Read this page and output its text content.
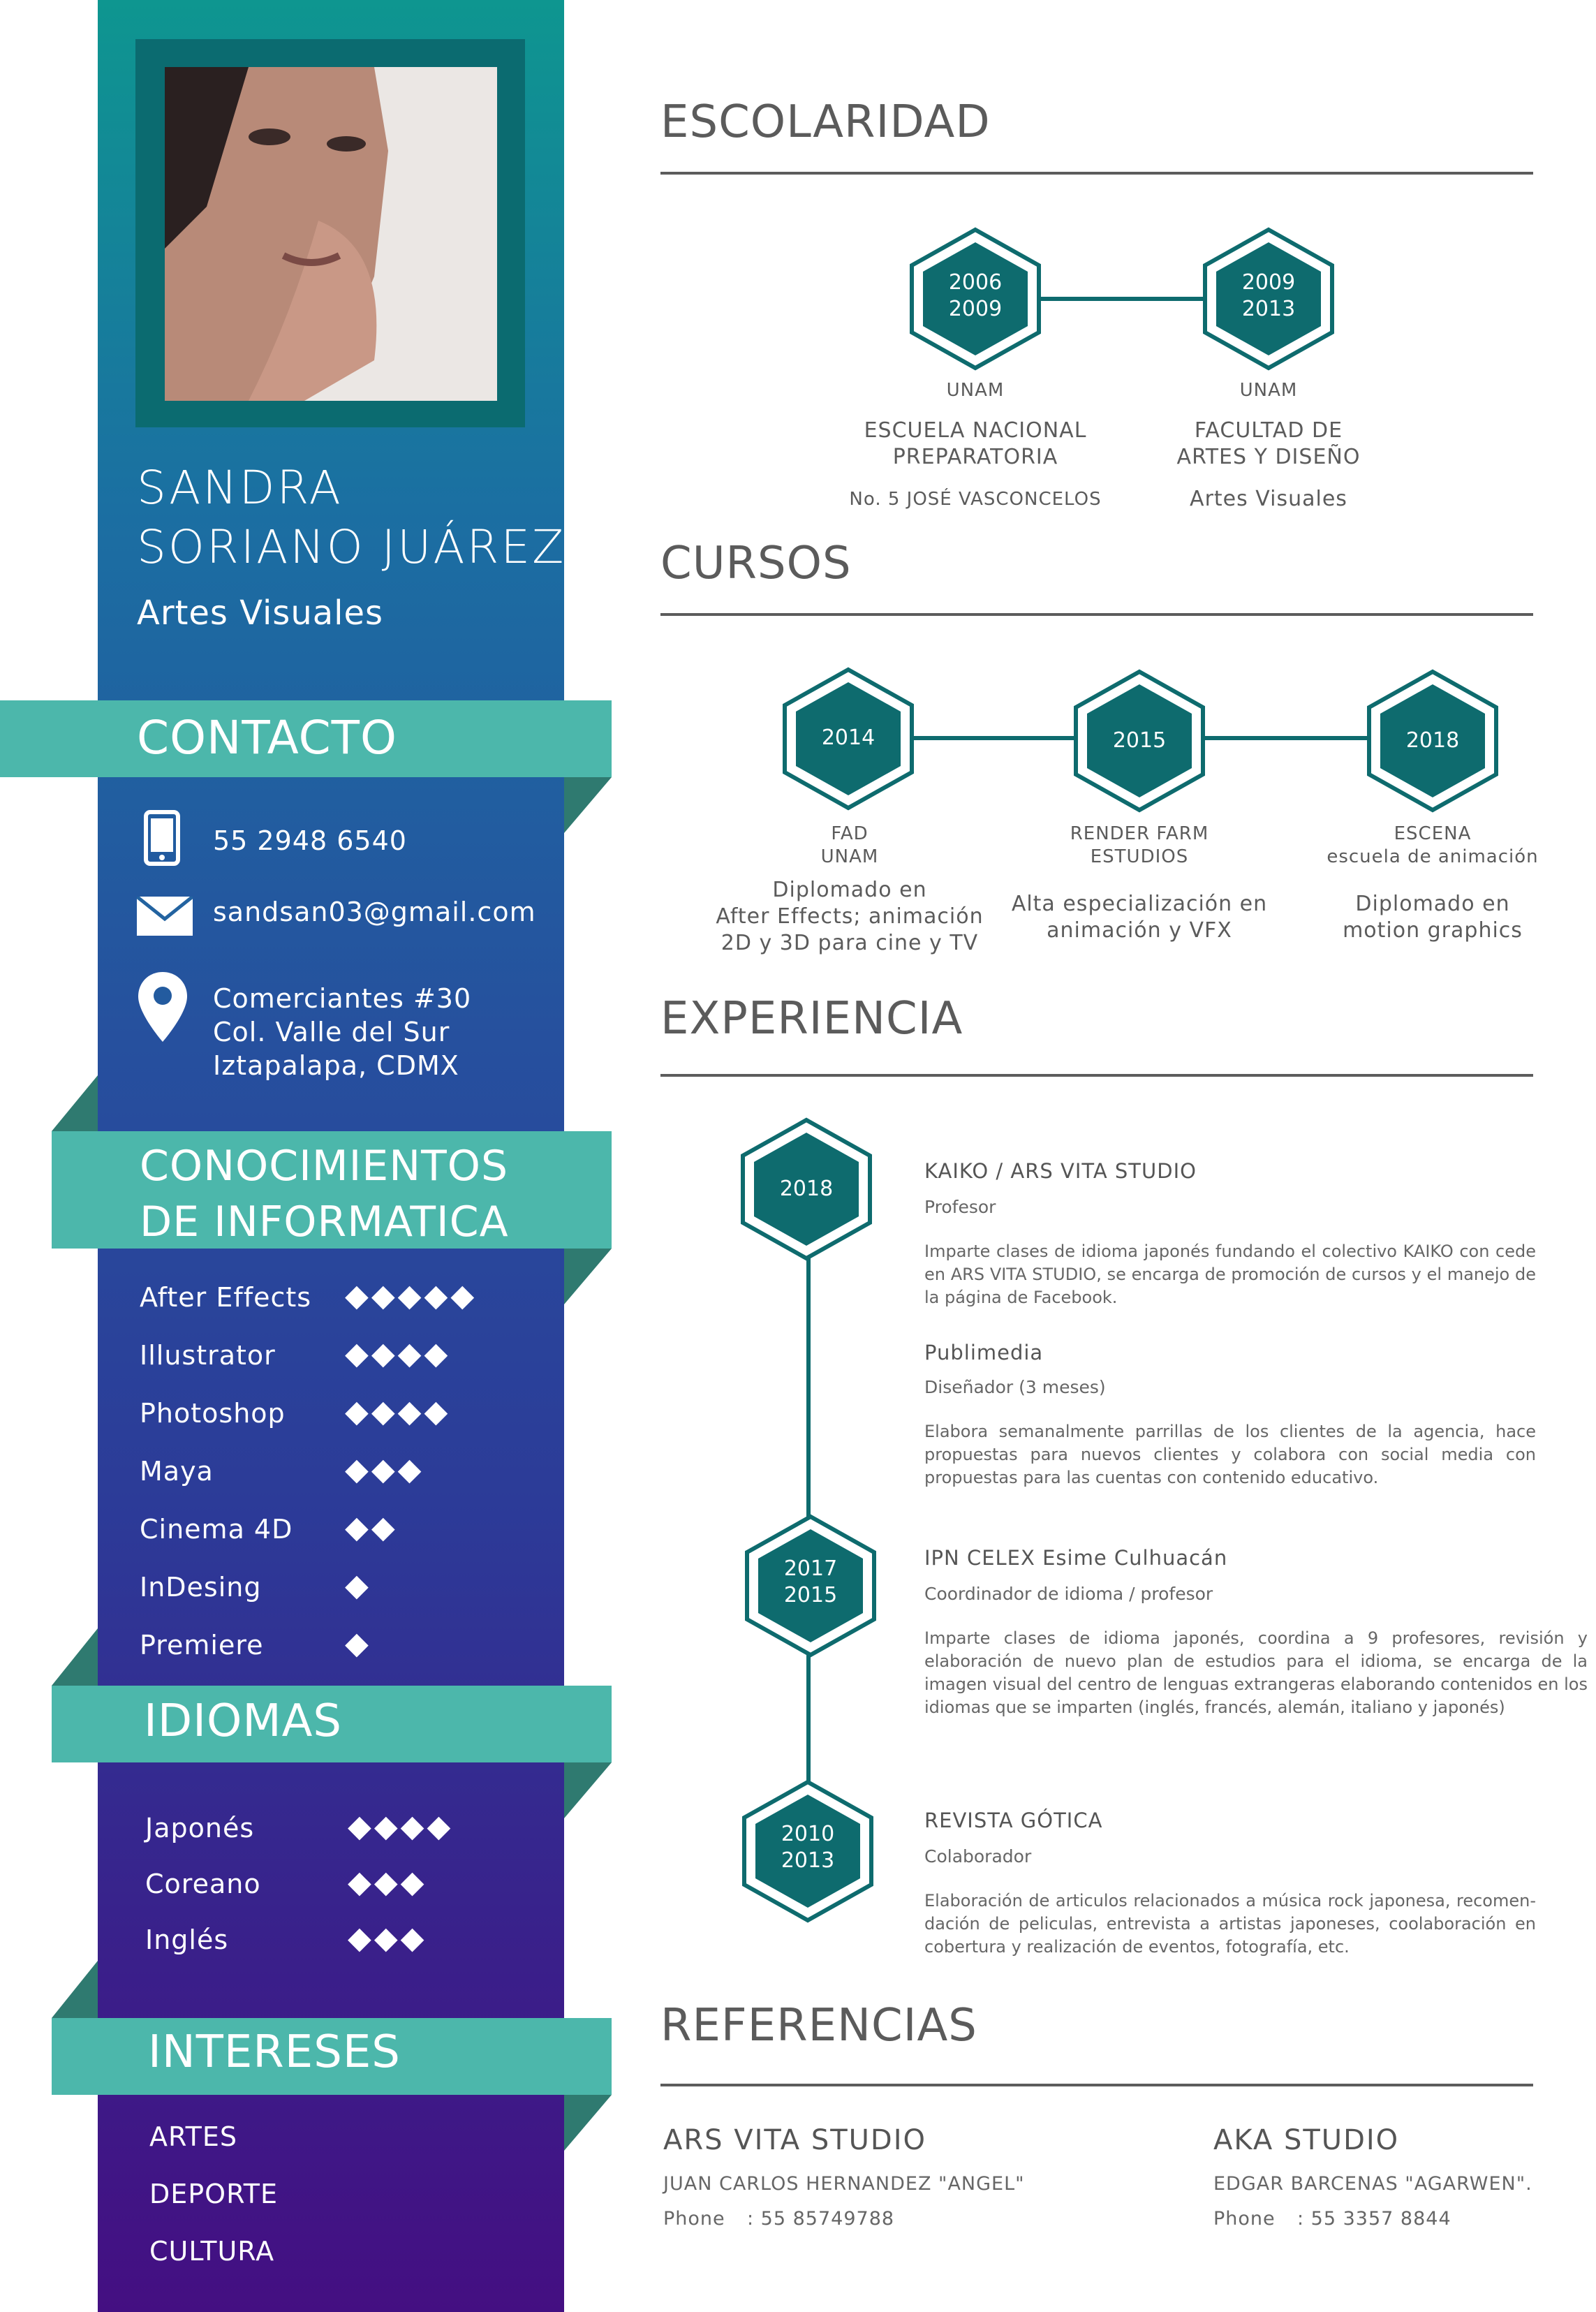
SANDRA
SORIANO JUÁREZ
Artes Visuales
CONTACTO
55 2948 6540
sandsan03@gmail.com
Comerciantes #30
Col. Valle del Sur
Iztapalapa, CDMX
CONOCIMIENTOS
DE INFORMATICA
After Effects ◆◆◆◆◆
Illustrator ◆◆◆◆
Photoshop ◆◆◆◆
Maya	◆◆◆
Cinema 4D ◆◆
InDesing	◆
Premiere	◆
IDIOMAS
Japonés	◆◆◆◆
Coreano	◆◆◆
Inglés	◆◆◆
INTERESES
ARTES
DEPORTE
CULTURA
ESCOLARIDAD
2006
2009
2009
2013
UNAM
ESCUELA NACIONAL
PREPARATORIA
No. 5 JOSÉ VASCONCELOS
UNAM
FACULTAD DE
ARTES Y DISEÑO
Artes Visuales
CURSOS
2014	2015	2018
FAD
UNAM
Diplomado en
After Effects; animación
2D y 3D para cine y TV
RENDER FARM
ESTUDIOS
Alta especialización en
animación y VFX
ESCENA
escuela de animación
Diplomado en
motion graphics
EXPERIENCIA
2018
2017
2015
2010
2013
KAIKO / ARS VITA STUDIO
Profesor
Imparte clases de idioma japonés fundando el colectivo KAIKO con cede en ARS VITA STUDIO, se encarga de promoción de cursos y el manejo de la página de Facebook.
Publimedia
Diseñador (3 meses)
Elabora semanalmente parrillas de los clientes de la agencia, hace propuestas para nuevos clientes y colabora con social media con propuestas para las cuentas con contenido educativo.
IPN CELEX Esime Culhuacán
Coordinador de idioma / profesor
Imparte clases de idioma japonés, coordina a 9 profesores, revisión y elaboración de nuevo plan de estudios para el idioma, se encarga de la imagen visual del centro de lenguas extrangeras elaborando contenidos en los idiomas que se imparten (inglés, francés, alemán, italiano y japonés)
REVISTA GÓTICA
Colaborador
Elaboración de articulos relacionados a música rock japonesa, recomen-dación de peliculas, entrevista a artistas japoneses, coolaboración en cobertura y realización de eventos, fotografía, etc.
REFERENCIAS
ARS VITA STUDIO
JUAN CARLOS HERNANDEZ "ANGEL"
Phone : 55 85749788
AKA STUDIO
EDGAR BARCENAS "AGARWEN".
Phone : 55 3357 8844
